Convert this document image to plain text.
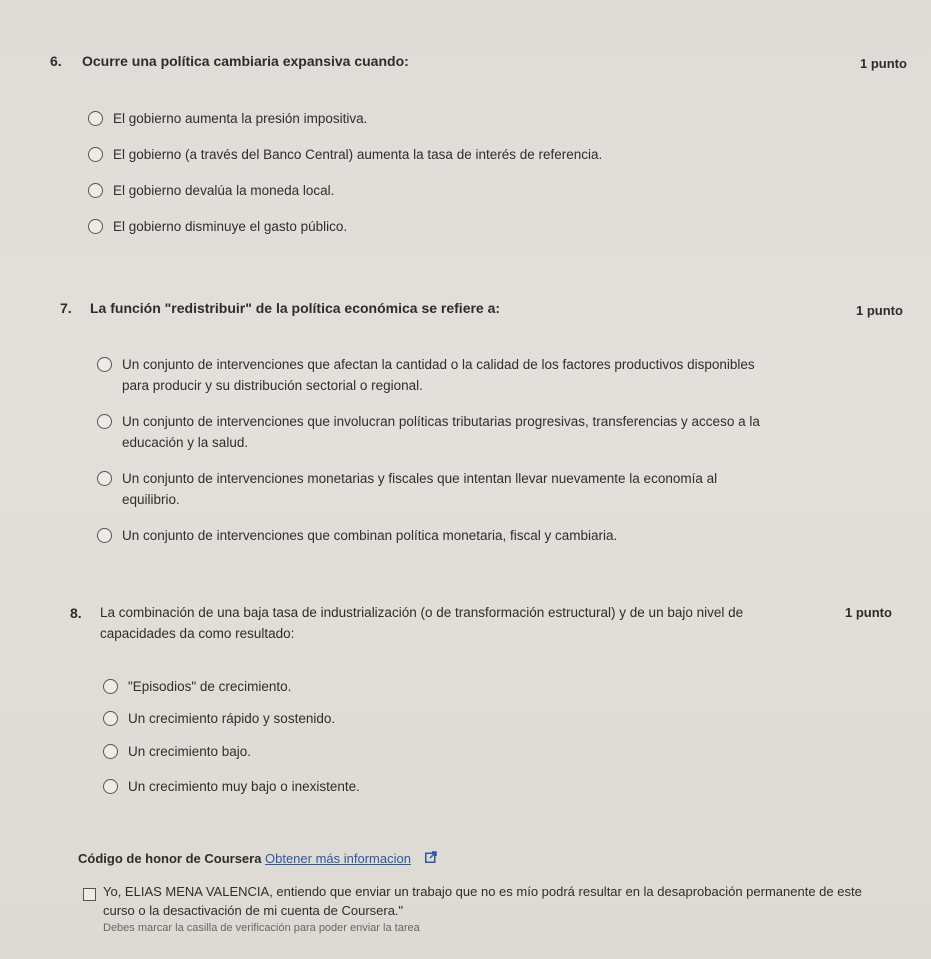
6. Ocurre una política cambiaria expansiva cuando:	1 punto
El gobierno aumenta la presión impositiva.
El gobierno (a través del Banco Central) aumenta la tasa de interés de referencia.
El gobierno devalúa la moneda local.
El gobierno disminuye el gasto público.
7. La función "redistribuir" de la política económica se refiere a:	1 punto
Un conjunto de intervenciones que afectan la cantidad o la calidad de los factores productivos disponibles para producir y su distribución sectorial o regional.
Un conjunto de intervenciones que involucran políticas tributarias progresivas, transferencias y acceso a la educación y la salud.
Un conjunto de intervenciones monetarias y fiscales que intentan llevar nuevamente la economía al equilibrio.
Un conjunto de intervenciones que combinan política monetaria, fiscal y cambiaria.
8. La combinación de una baja tasa de industrialización (o de transformación estructural) y de un bajo nivel de capacidades da como resultado:
1 punto
"Episodios" de crecimiento.
Un crecimiento rápido y sostenido.
Un crecimiento bajo.
Un crecimiento muy bajo o inexistente.
Código de honor de Coursera Obtener más informacion
Yo, ELIAS MENA VALENCIA, entiendo que enviar un trabajo que no es mío podrá resultar en la desaprobación permanente de este curso o la desactivación de mi cuenta de Coursera."
Debes marcar la casilla de verificación para poder enviar la tarea
